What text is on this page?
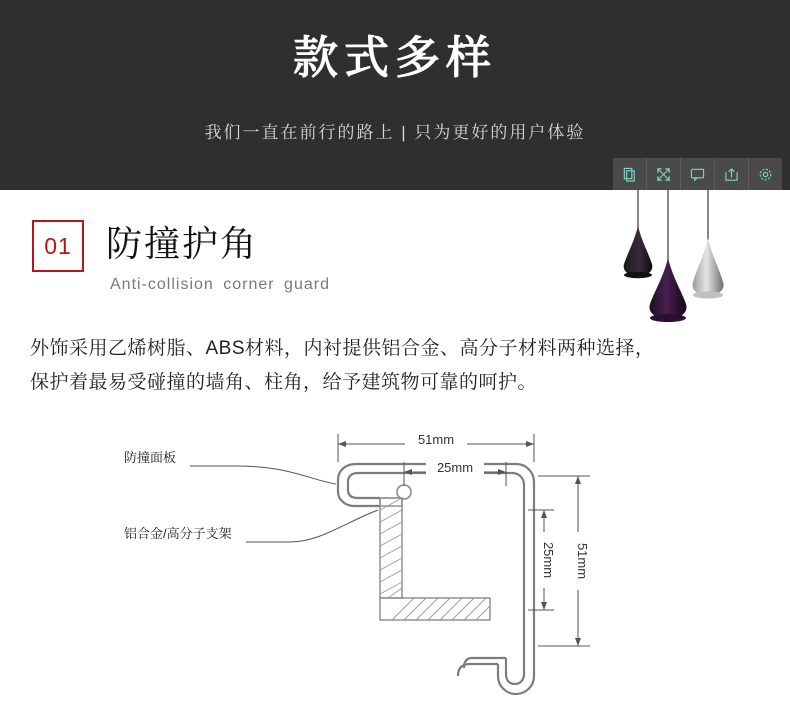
款式多样
我们一直在前行的路上 | 只为更好的用户体验
01 防撞护角
Anti-collision corner guard
外饰采用乙烯树脂、ABS材料，内衬提供铝合金、高分子材料两种选择，
保护着最易受碰撞的墙角、柱角，给予建筑物可靠的呵护。
51mm
25mm
25mm 51mm
防撞面板
铝合金/高分子支架
